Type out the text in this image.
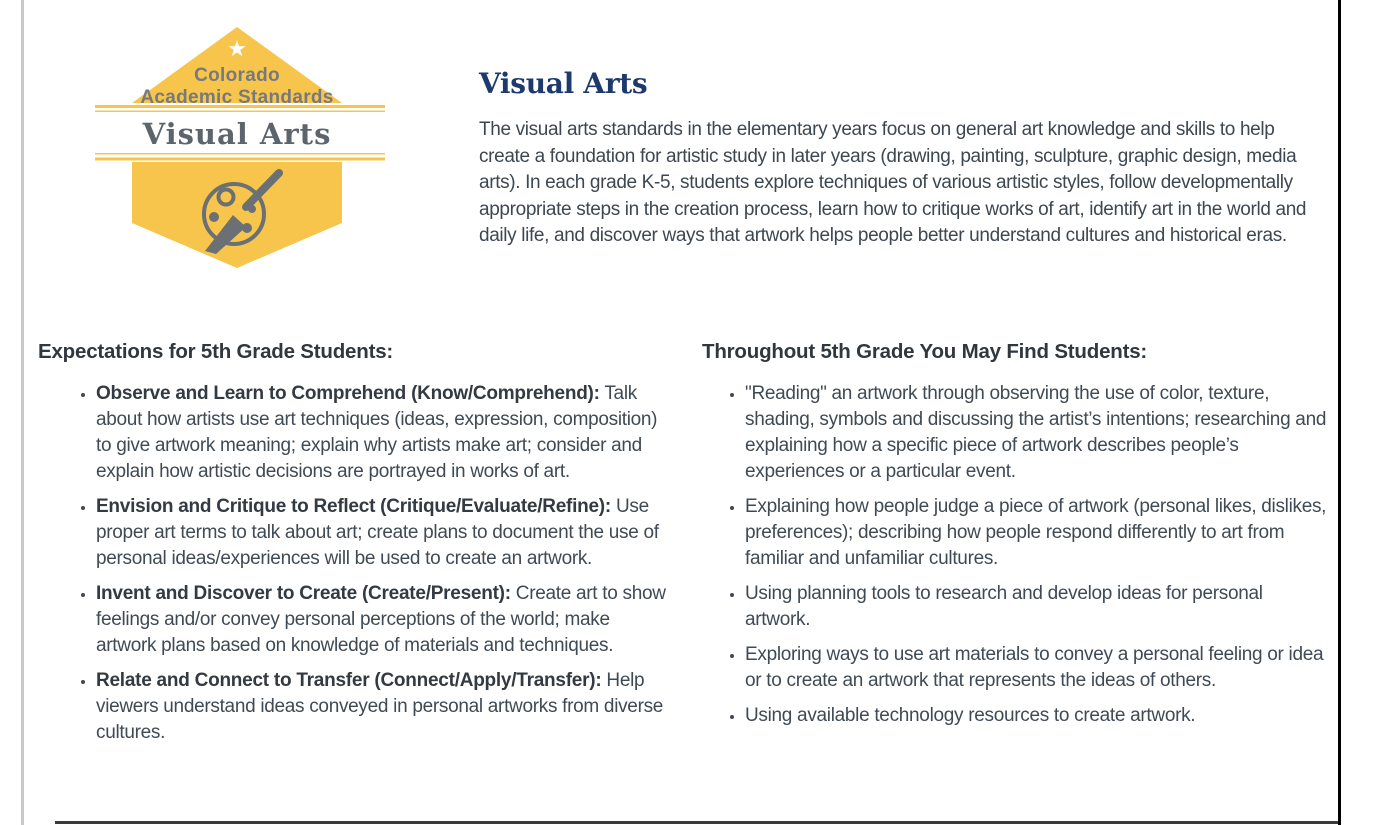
★
Colorado
Academic Standards
Visual Arts
Visual Arts

The visual arts standards in the elementary years focus on general art knowledge and skills to help create a foundation for artistic study in later years (drawing, painting, sculpture, graphic design, media arts). In each grade K-5, students explore techniques of various artistic styles, follow developmentally appropriate steps in the creation process, learn how to critique works of art, identify art in the world and daily life, and discover ways that artwork helps people better understand cultures and historical eras.

Expectations for 5th Grade Students:
• Observe and Learn to Comprehend (Know/Comprehend): Talk about how artists use art techniques (ideas, expression, composition) to give artwork meaning; explain why artists make art; consider and explain how artistic decisions are portrayed in works of art.
• Envision and Critique to Reflect (Critique/Evaluate/Refine): Use proper art terms to talk about art; create plans to document the use of personal ideas/experiences will be used to create an artwork.
• Invent and Discover to Create (Create/Present): Create art to show feelings and/or convey personal perceptions of the world; make artwork plans based on knowledge of materials and techniques.
• Relate and Connect to Transfer (Connect/Apply/Transfer): Help viewers understand ideas conveyed in personal artworks from diverse cultures.
Throughout 5th Grade You May Find Students:
• "Reading" an artwork through observing the use of color, texture, shading, symbols and discussing the artist’s intentions; researching and explaining how a specific piece of artwork describes people’s experiences or a particular event.
• Explaining how people judge a piece of artwork (personal likes, dislikes, preferences); describing how people respond differently to art from familiar and unfamiliar cultures.
• Using planning tools to research and develop ideas for personal artwork.
• Exploring ways to use art materials to convey a personal feeling or idea or to create an artwork that represents the ideas of others.
• Using available technology resources to create artwork.
